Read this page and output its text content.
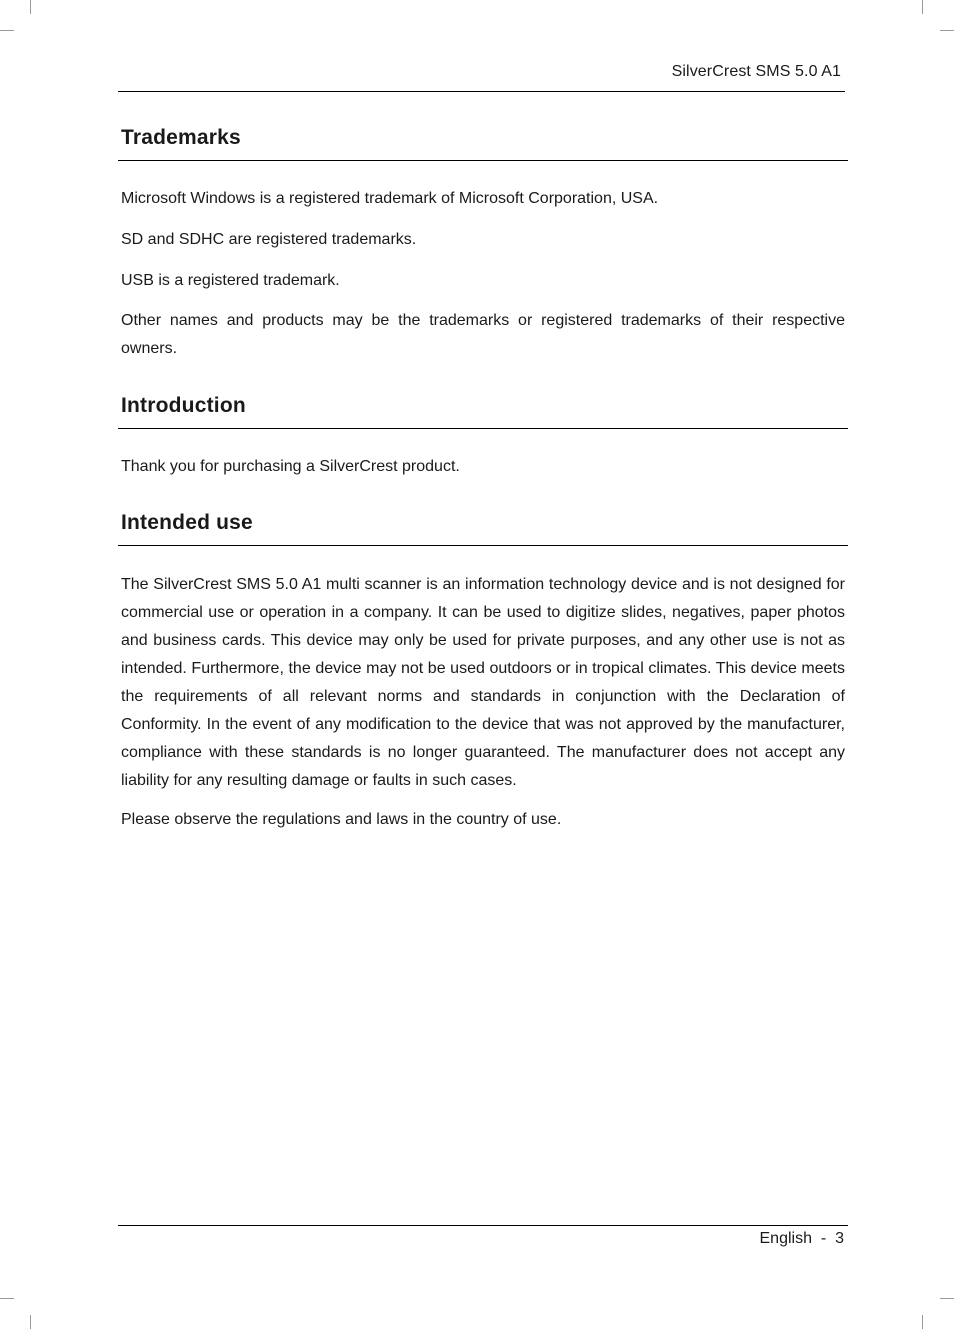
SilverCrest SMS 5.0 A1
Trademarks

Microsoft Windows is a registered trademark of Microsoft Corporation, USA.

SD and SDHC are registered trademarks.

USB is a registered trademark.

Other names and products may be the trademarks or registered trademarks of their respective owners.

Introduction

Thank you for purchasing a SilverCrest product.

Intended use

The SilverCrest SMS 5.0 A1 multi scanner is an information technology device and is not designed for commercial use or operation in a company. It can be used to digitize slides, negatives, paper photos and business cards. This device may only be used for private purposes, and any other use is not as intended. Furthermore, the device may not be used outdoors or in tropical climates. This device meets the requirements of all relevant norms and standards in conjunction with the Declaration of Conformity. In the event of any modification to the device that was not approved by the manufacturer, compliance with these standards is no longer guaranteed. The manufacturer does not accept any liability for any resulting damage or faults in such cases.

Please observe the regulations and laws in the country of use.

English - 3
